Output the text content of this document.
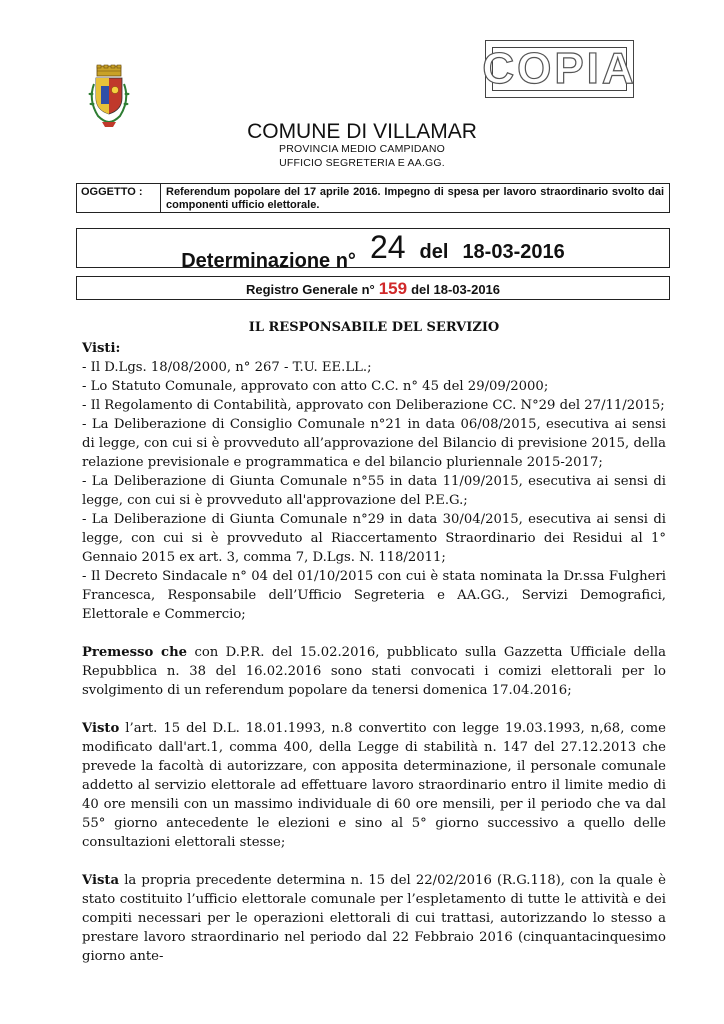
COPIA
COMUNE DI VILLAMAR
PROVINCIA MEDIO CAMPIDANO
UFFICIO SEGRETERIA E AA.GG.
OGGETTO :	Referendum popolare del 17 aprile 2016. Impegno di spesa per lavoro straordinario svolto dai componenti ufficio elettorale.
Determinazione n° 24 del 18-03-2016
Registro Generale n° 159 del
18-03-2016
IL RESPONSABILE DEL SERVIZIO

Visti:

- Il D.Lgs. 18/08/2000, n° 267 - T.U. EE.LL.;

- Lo Statuto Comunale, approvato con atto C.C. n° 45 del 29/09/2000;

- Il Regolamento di Contabilità, approvato con Deliberazione CC. N°29 del 27/11/2015;

- La Deliberazione di Consiglio Comunale n°21 in data 06/08/2015, esecutiva ai sensi di legge, con cui si è provveduto all’approvazione del Bilancio di previsione 2015, della relazione previsionale e programmatica e del bilancio pluriennale 2015-2017;

- La Deliberazione di Giunta Comunale n°55 in data 11/09/2015, esecutiva ai sensi di legge, con cui si è provveduto all'approvazione del P.E.G.;

- La Deliberazione di Giunta Comunale n°29 in data 30/04/2015, esecutiva ai sensi di legge, con cui si è provveduto al Riaccertamento Straordinario dei Residui al 1° Gennaio 2015 ex art. 3, comma 7, D.Lgs. N. 118/2011;

- Il Decreto Sindacale n° 04 del 01/10/2015 con cui è stata nominata la Dr.ssa Fulgheri Francesca, Responsabile dell’Ufficio Segreteria e AA.GG., Servizi Demografici, Elettorale e Commercio;

Premesso che con D.P.R. del 15.02.2016, pubblicato sulla Gazzetta Ufficiale della Repubblica n. 38 del 16.02.2016 sono stati convocati i comizi elettorali per lo svolgimento di un referendum popolare da tenersi domenica 17.04.2016;

Visto l’art. 15 del D.L. 18.01.1993, n.8 convertito con legge 19.03.1993, n,68, come modificato dall'art.1, comma 400, della Legge di stabilità n. 147 del 27.12.2013 che prevede la facoltà di autorizzare, con apposita determinazione, il personale comunale addetto al servizio elettorale ad effettuare lavoro straordinario entro il limite medio di 40 ore mensili con un massimo individuale di 60 ore mensili, per il periodo che va dal 55° giorno antecedente le elezioni e sino al 5° giorno successivo a quello delle consultazioni elettorali stesse;

Vista la propria precedente determina n. 15 del 22/02/2016 (R.G.118), con la quale è stato costituito l’ufficio elettorale comunale per l’espletamento di tutte le attività e dei compiti necessari per le operazioni elettorali di cui trattasi, autorizzando lo stesso a prestare lavoro straordinario nel periodo dal 22 Febbraio 2016 (cinquantacinquesimo giorno ante-
